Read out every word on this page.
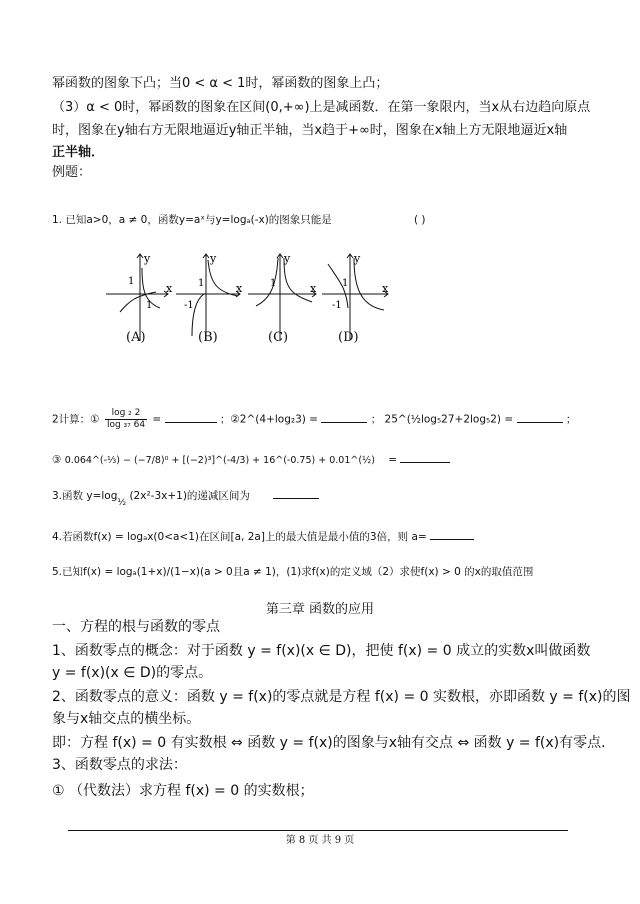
幂函数的图象下凸；当0 < α < 1时，幂函数的图象上凸；
（3）α < 0时，幂函数的图象在区间(0,+∞)上是减函数．在第一象限内，当x从右边趋向原点
时，图象在y轴右方无限地逼近y轴正半轴，当x趋于+∞时，图象在x轴上方无限地逼近x轴
正半轴．
例题：
1. 已知a>0，a ≠ 0，函数y=aˣ与y=logₐ(-x)的图象只能是	( )
y
x
1
1
y
x
-1
1
y
x
1
y
x
-1
1
(A)	(B)	(C)	(D)
2计算：① $\frac{\text{log ₂ 2}}{\text{log ₃₇ 64}}$ =	；②2^(4+log₂3) =	； 25^(½log₅27+2log₅2) =	；
③ 0.064^(-⅓) − (−7/8)⁰ + [(−2)³]^(-4/3) + 16^(-0.75) + 0.01^(½) =
3.函数 y=log½ (2x²-3x+1)的递减区间为
4.若函数f(x) = logₐx(0<a<1)在区间[a, 2a]上的最大值是最小值的3倍，则 a=
5.已知f(x) = logₐ(1+x)/(1−x)(a > 0且a ≠ 1)，(1)求f(x)的定义域（2）求使f(x) > 0 的x的取值范围
第三章 函数的应用
一、方程的根与函数的零点
1、函数零点的概念：对于函数 y = f(x)(x ∈ D)，把使 f(x) = 0 成立的实数x叫做函数
y = f(x)(x ∈ D)的零点。
2、函数零点的意义：函数 y = f(x)的零点就是方程 f(x) = 0 实数根，亦即函数 y = f(x)的图
象与x轴交点的横坐标。
即：方程 f(x) = 0 有实数根 ⇔ 函数 y = f(x)的图象与x轴有交点 ⇔ 函数 y = f(x)有零点．
3、函数零点的求法：
① （代数法）求方程 f(x) = 0 的实数根；
第 8 页 共 9 页
